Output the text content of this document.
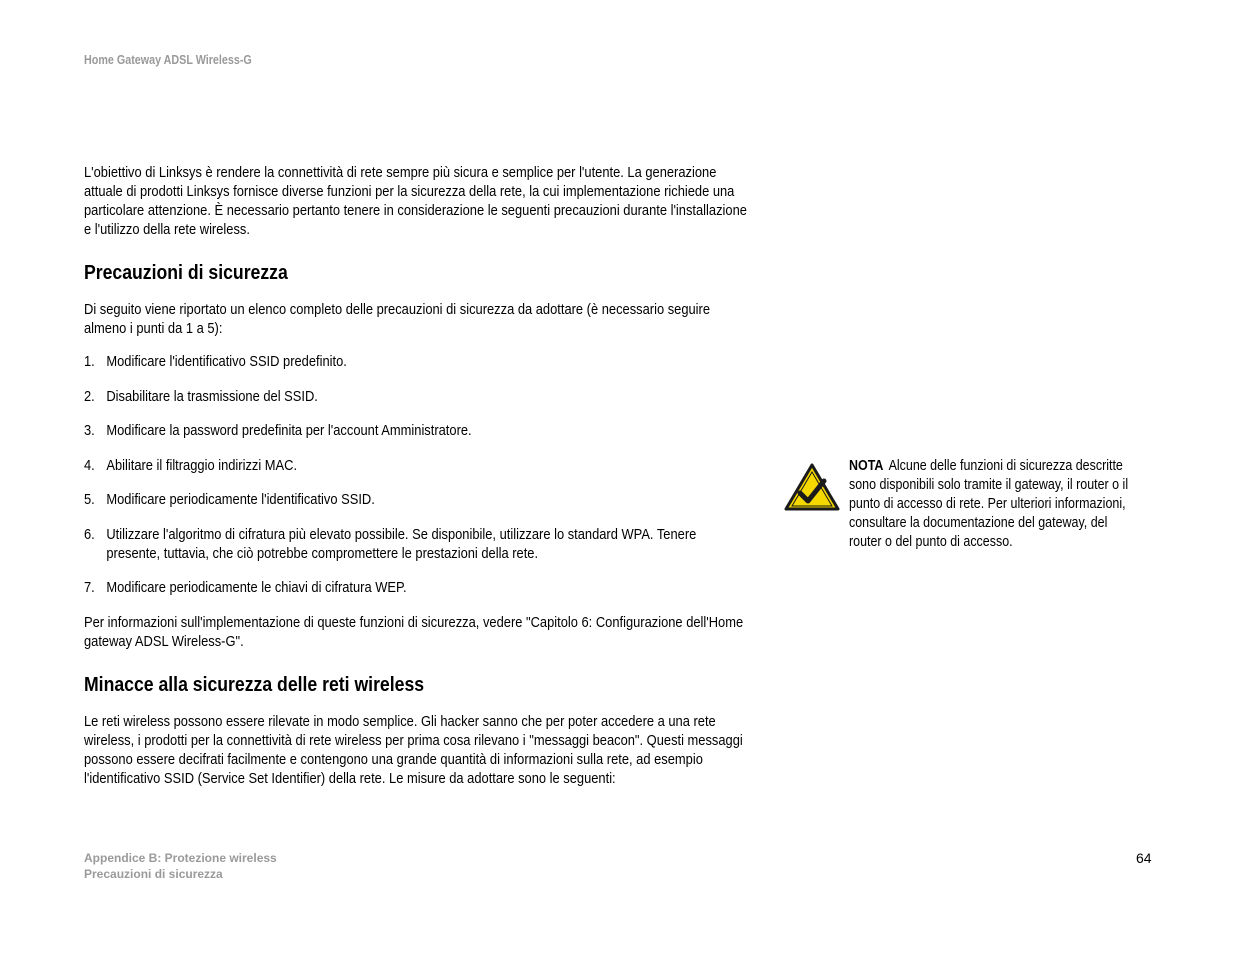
Home Gateway ADSL Wireless-G

L'obiettivo di Linksys è rendere la connettività di rete sempre più sicura e semplice per l'utente. La generazione attuale di prodotti Linksys fornisce diverse funzioni per la sicurezza della rete, la cui implementazione richiede una particolare attenzione. È necessario pertanto tenere in considerazione le seguenti precauzioni durante l'installazione e l'utilizzo della rete wireless.

Precauzioni di sicurezza

Di seguito viene riportato un elenco completo delle precauzioni di sicurezza da adottare (è necessario seguire almeno i punti da 1 a 5):

1. Modificare l'identificativo SSID predefinito.
2. Disabilitare la trasmissione del SSID.
3. Modificare la password predefinita per l'account Amministratore.
4. Abilitare il filtraggio indirizzi MAC.
5. Modificare periodicamente l'identificativo SSID.
6. Utilizzare l'algoritmo di cifratura più elevato possibile. Se disponibile, utilizzare lo standard WPA. Tenere presente, tuttavia, che ciò potrebbe compromettere le prestazioni della rete.
7. Modificare periodicamente le chiavi di cifratura WEP.

Per informazioni sull'implementazione di queste funzioni di sicurezza, vedere "Capitolo 6: Configurazione dell'Home gateway ADSL Wireless-G".

Minacce alla sicurezza delle reti wireless

Le reti wireless possono essere rilevate in modo semplice. Gli hacker sanno che per poter accedere a una rete wireless, i prodotti per la connettività di rete wireless per prima cosa rilevano i "messaggi beacon". Questi messaggi possono essere decifrati facilmente e contengono una grande quantità di informazioni sulla rete, ad esempio l'identificativo SSID (Service Set Identifier) della rete. Le misure da adottare sono le seguenti:

NOTA Alcune delle funzioni di sicurezza descritte sono disponibili solo tramite il gateway, il router o il punto di accesso di rete. Per ulteriori informazioni, consultare la documentazione del gateway, del router o del punto di accesso.
Appendice B: Protezione wireless
Precauzioni di sicurezza
64
